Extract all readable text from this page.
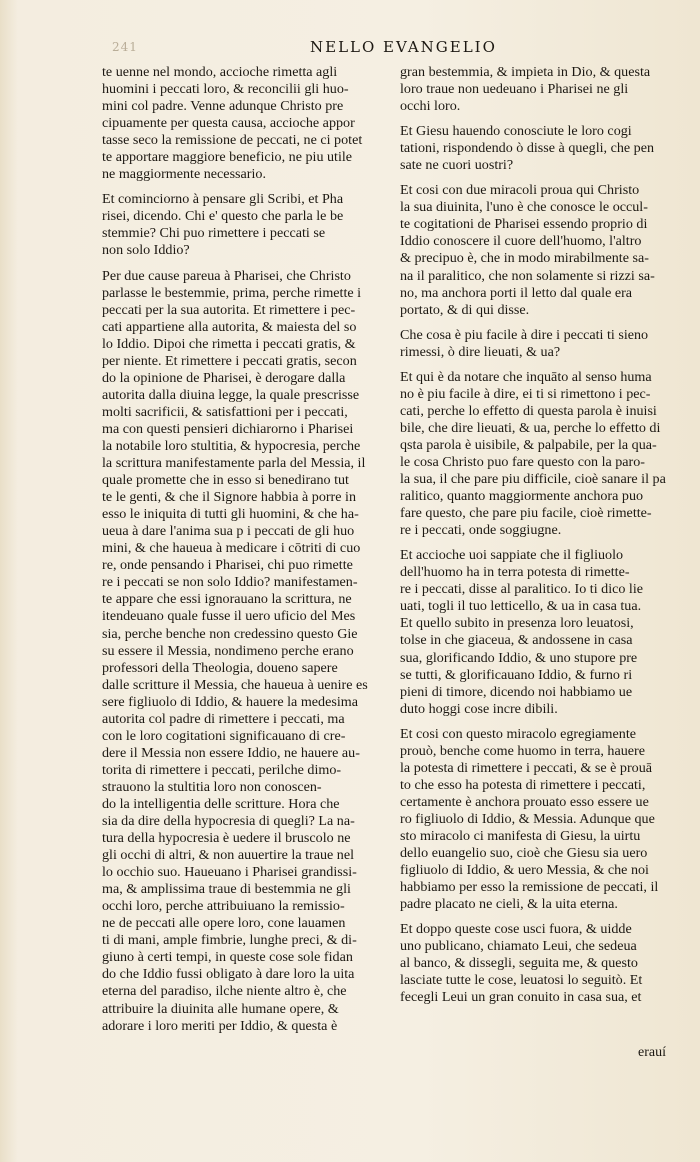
241	NELLO EVANGELIO
te uenne nel mondo, accioche rimetta agli
huomini i peccati loro, & reconcilii gli huo-
mini col padre. Venne adunque Christo pre
cipuamente per questa causa, accioche appor
tasse seco la remissione de peccati, ne ci potet
te apportare maggiore beneficio, ne piu utile
ne maggiormente necessario.
Et cominciorno à pensare gli Scribi, et Pha
risei, dicendo. Chi e' questo che parla le be
stemmie? Chi puo rimettere i peccati se
non solo Iddio?
Per due cause pareua à Pharisei, che Christo
parlasse le bestemmie, prima, perche rimette i
peccati per la sua autorita. Et rimettere i pec-
cati appartiene alla autorita, & maiesta del so
lo Iddio. Dipoi che rimetta i peccati gratis, &
per niente. Et rimettere i peccati gratis, secon
do la opinione de Pharisei, è derogare dalla
autorita dalla diuina legge, la quale prescrisse
molti sacrificii, & satisfattioni per i peccati,
ma con questi pensieri dichiarorno i Pharisei
la notabile loro stultitia, & hypocresia, perche
la scrittura manifestamente parla del Messia, il
quale promette che in esso si benedirano tut
te le genti, & che il Signore habbia à porre in
esso le iniquita di tutti gli huomini, & che ha-
ueua à dare l'anima sua p i peccati de gli huo
mini, & che haueua à medicare i cōtriti di cuo
re, onde pensando i Pharisei, chi puo rimette
re i peccati se non solo Iddio? manifestamen-
te appare che essi ignorauano la scrittura, ne
itendeuano quale fusse il uero uficio del Mes
sia, perche benche non credessino questo Gie
su essere il Messia, nondimeno perche erano
professori della Theologia, doueno sapere
dalle scritture il Messia, che haueua à uenire es
sere figliuolo di Iddio, & hauere la medesima
autorita col padre di rimettere i peccati, ma
con le loro cogitationi significauano di cre-
dere il Messia non essere Iddio, ne hauere au-
torita di rimettere i peccati, perilche dimo-
strauono la stultitia loro non conoscen-
do la intelligentia delle scritture. Hora che
sia da dire della hypocresia di quegli? La na-
tura della hypocresia è uedere il bruscolo ne
gli occhi di altri, & non auuertire la traue nel
lo occhio suo. Haueuano i Pharisei grandissi-
ma, & amplissima traue di bestemmia ne gli
occhi loro, perche attribuiuano la remissio-
ne de peccati alle opere loro, cone lauamen
ti di mani, ample fimbrie, lunghe preci, & di-
giuno à certi tempi, in queste cose sole fidan
do che Iddio fussi obligato à dare loro la uita
eterna del paradiso, ilche niente altro è, che
attribuire la diuinita alle humane opere, &
adorare i loro meriti per Iddio, & questa è
gran bestemmia, & impieta in Dio, & questa
loro traue non uedeuano i Pharisei ne gli
occhi loro.
Et Giesu hauendo conosciute le loro cogi
tationi, rispondendo ò disse à quegli, che pen
sate ne cuori uostri?
Et cosi con due miracoli proua qui Christo
la sua diuinita, l'uno è che conosce le occul-
te cogitationi de Pharisei essendo proprio di
Iddio conoscere il cuore dell'huomo, l'altro
& precipuo è, che in modo mirabilmente sa-
na il paralitico, che non solamente si rizzi sa-
no, ma anchora porti il letto dal quale era
portato, & di qui disse.
Che cosa è piu facile à dire i peccati ti sieno
rimessi, ò dire lieuati, & ua?
Et qui è da notare che inquāto al senso huma
no è piu facile à dire, ei ti si rimettono i pec-
cati, perche lo effetto di questa parola è inuisi
bile, che dire lieuati, & ua, perche lo effetto di
qsta parola è uisibile, & palpabile, per la qua-
le cosa Christo puo fare questo con la paro-
la sua, il che pare piu difficile, cioè sanare il pa
ralitico, quanto maggiormente anchora puo
fare questo, che pare piu facile, cioè rimette-
re i peccati, onde soggiugne.
Et accioche uoi sappiate che il figliuolo
dell'huomo ha in terra potesta di rimette-
re i peccati, disse al paralitico. Io ti dico lie
uati, togli il tuo letticello, & ua in casa tua.
Et quello subito in presenza loro leuatosi,
tolse in che giaceua, & andossene in casa
sua, glorificando Iddio, & uno stupore pre
se tutti, & glorificauano Iddio, & furno ri
pieni di timore, dicendo noi habbiamo ue
duto hoggi cose incre dibili.
Et cosi con questo miracolo egregiamente
prouò, benche come huomo in terra, hauere
la potesta di rimettere i peccati, & se è prouā
to che esso ha potesta di rimettere i peccati,
certamente è anchora prouato esso essere ue
ro figliuolo di Iddio, & Messia. Adunque que
sto miracolo ci manifesta di Giesu, la uirtu
dello euangelio suo, cioè che Giesu sia uero
figliuolo di Iddio, & uero Messia, & che noi
habbiamo per esso la remissione de peccati, il
padre placato ne cieli, & la uita eterna.
Et doppo queste cose usci fuora, & uidde
uno publicano, chiamato Leui, che sedeua
al banco, & dissegli, seguita me, & questo
lasciate tutte le cose, leuatosi lo seguitò. Et
fecegli Leui un gran conuito in casa sua, et
erauí
